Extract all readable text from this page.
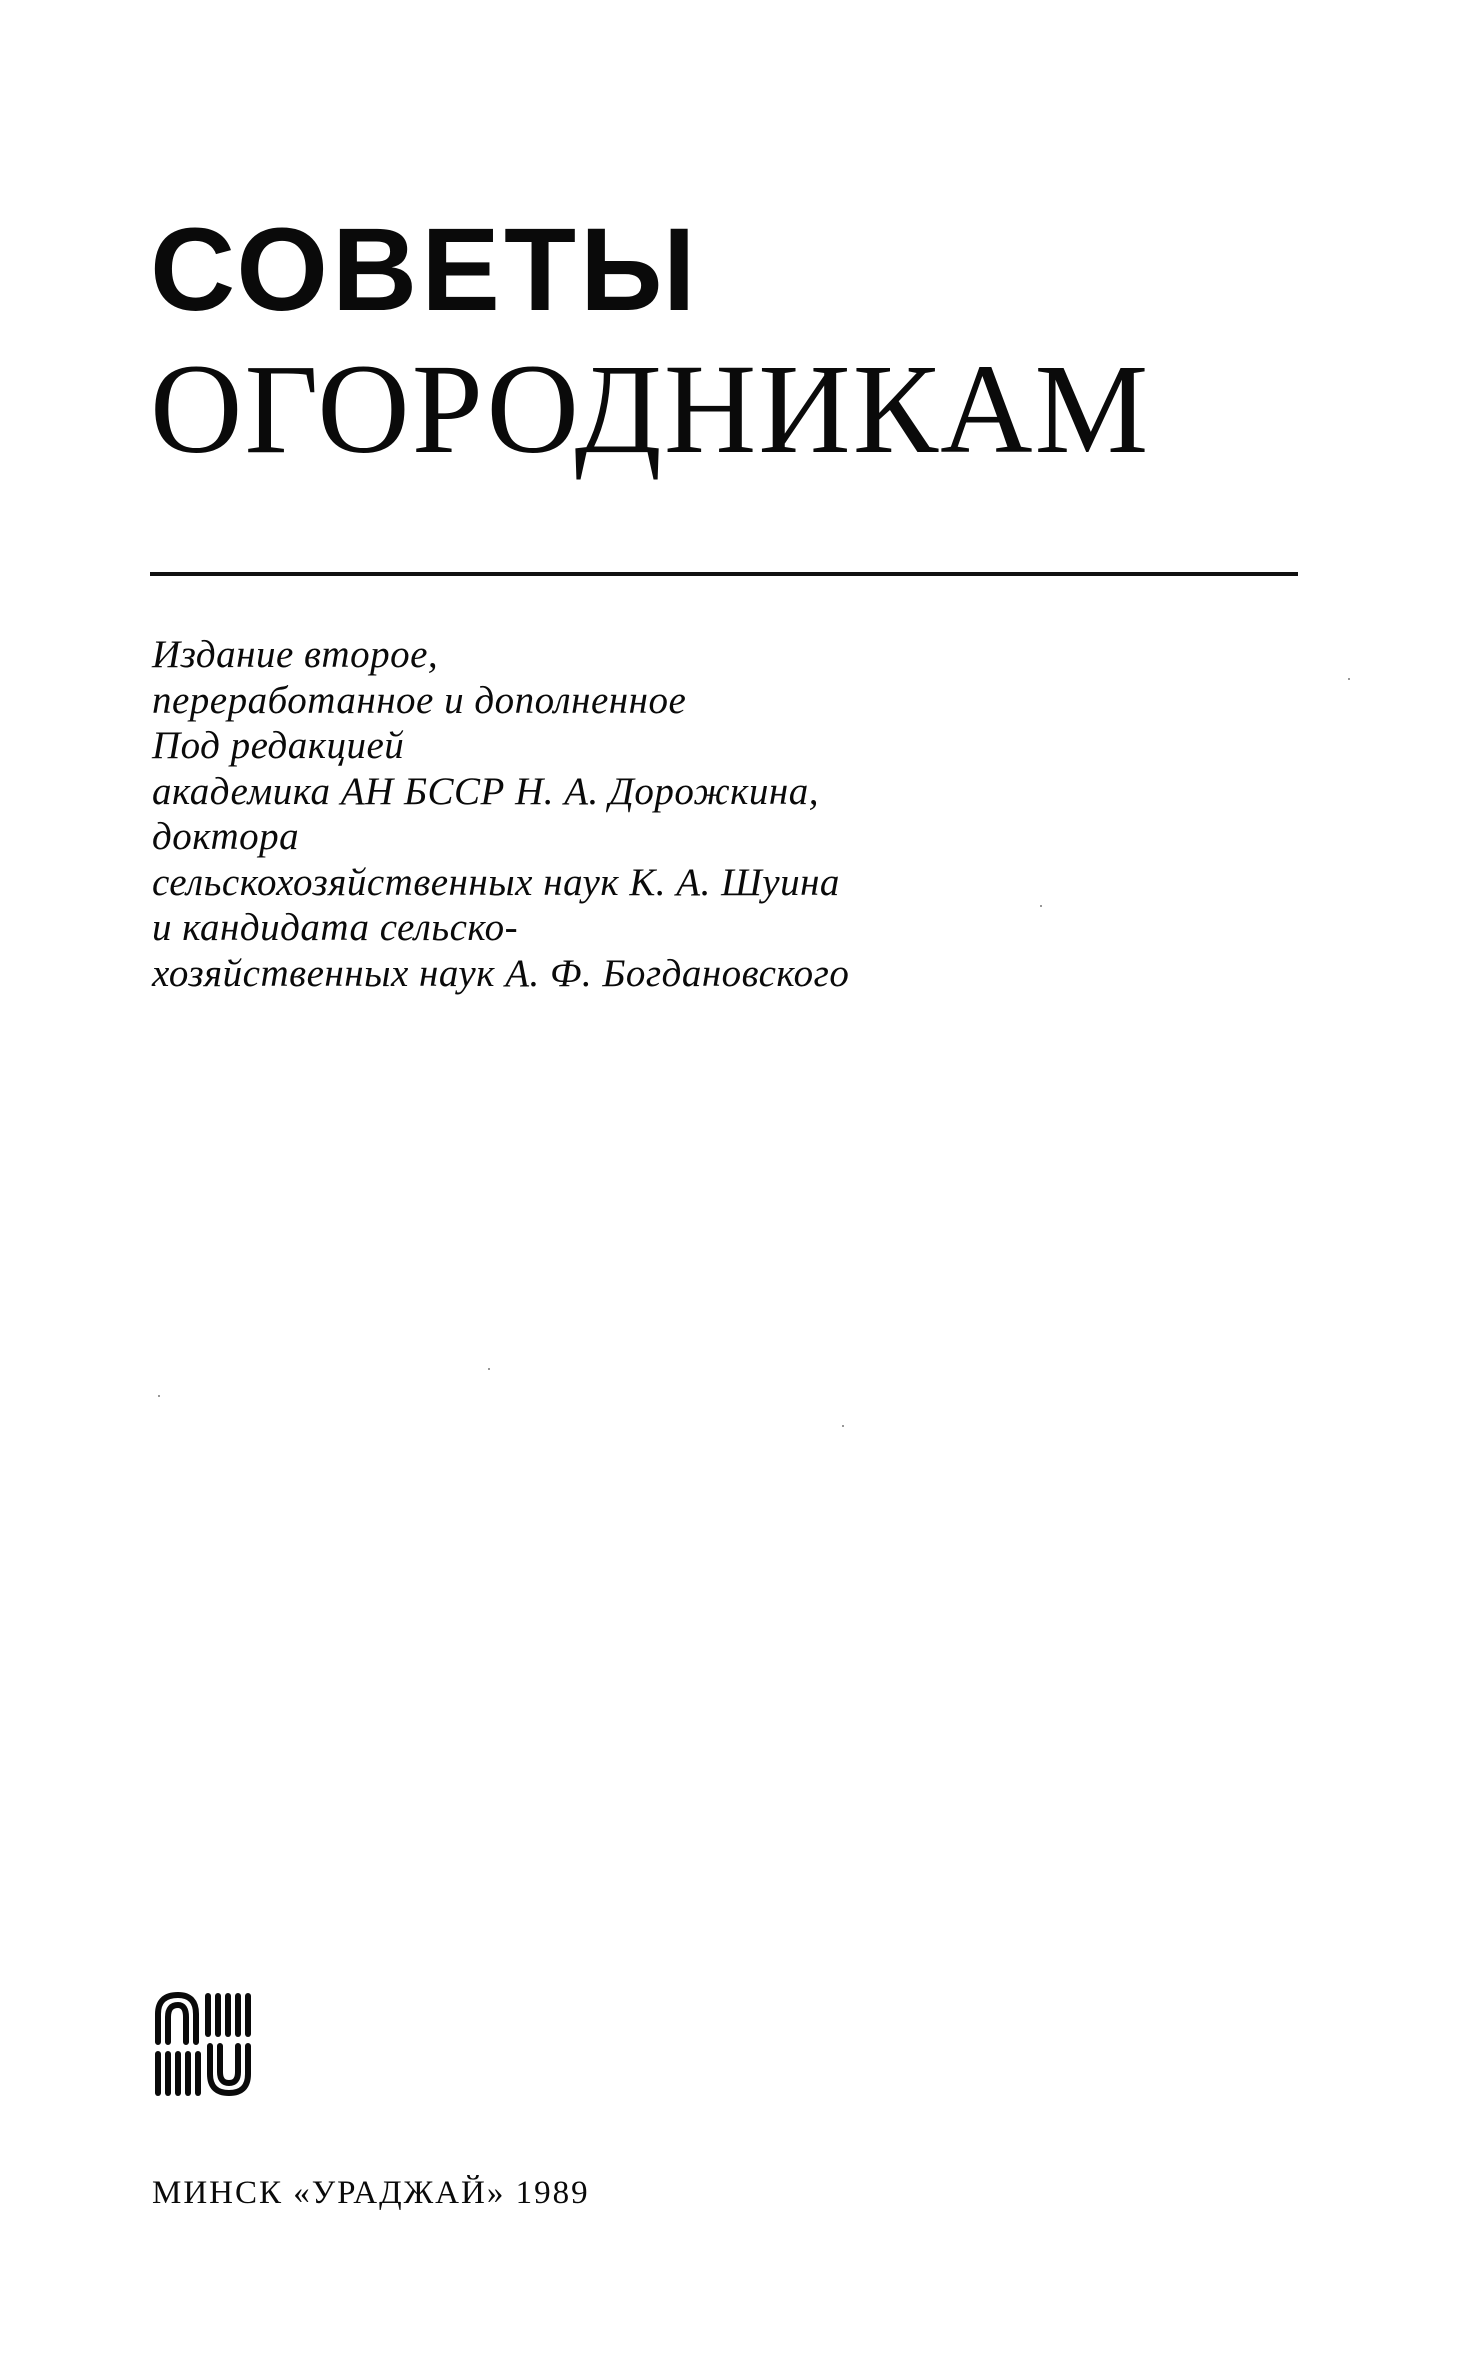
СОВЕТЫ
ОГОРОДНИКАМ
Издание второе,
переработанное и дополненное
Под редакцией
академика АН БССР Н. А. Дорожкина,
доктора
сельскохозяйственных наук К. А. Шуина
и кандидата сельско-
хозяйственных наук А. Ф. Богдановского
МИНСК «УРАДЖАЙ» 1989
